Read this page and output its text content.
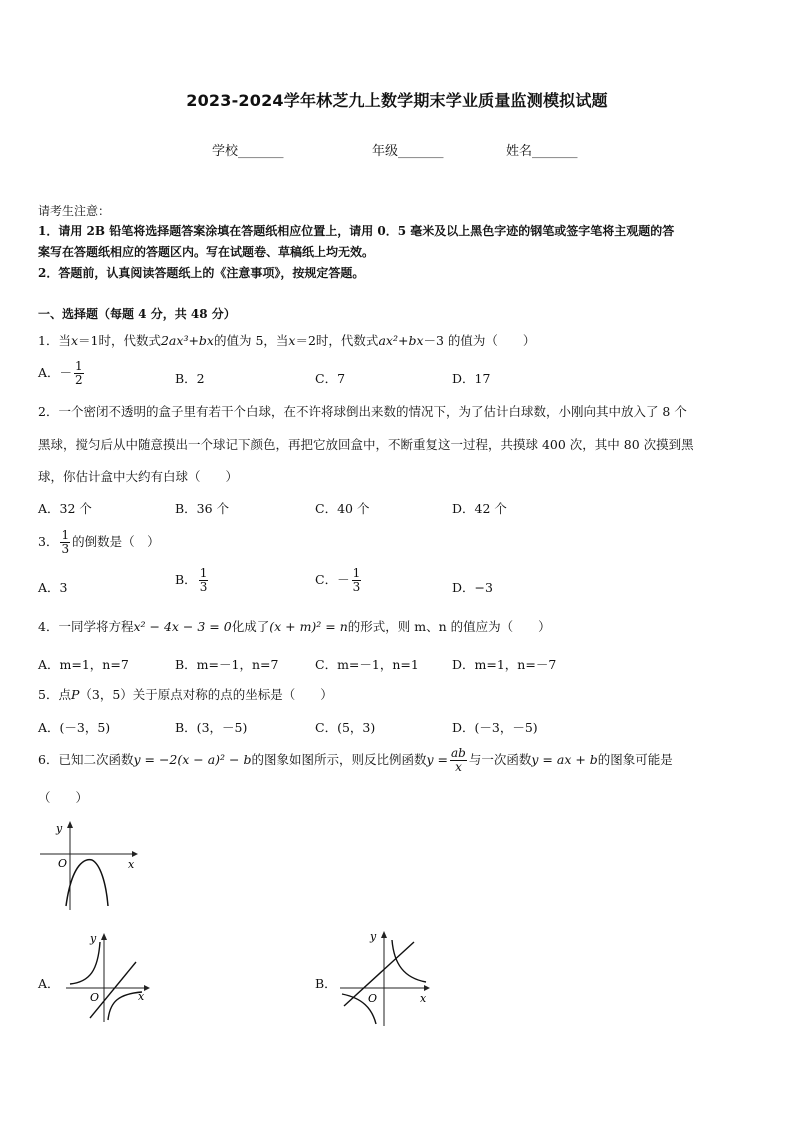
2023-2024学年林芝九上数学期末学业质量监测模拟试题
学校_______	年级_______	姓名_______
请考生注意：
1．请用 2B 铅笔将选择题答案涂填在答题纸相应位置上，请用 0．5 毫米及以上黑色字迹的钢笔或签字笔将主观题的答
案写在答题纸相应的答题区内。写在试题卷、草稿纸上均无效。
2．答题前，认真阅读答题纸上的《注意事项》，按规定答题。
一、选择题（每题 4 分，共 48 分）
1．当x＝1时，代数式2ax³+bx的值为 5，当x＝2时，代数式ax²+bx－3 的值为（　　）
A．－ $\frac{1}{2}$	B．2	C．7	D．17
2．一个密闭不透明的盒子里有若干个白球，在不许将球倒出来数的情况下，为了估计白球数，小刚向其中放入了 8 个
黑球，搅匀后从中随意摸出一个球记下颜色，再把它放回盒中，不断重复这一过程，共摸球 400 次，其中 80 次摸到黑
球，你估计盒中大约有白球（　　）
A．32 个	B．36 个	C．40 个	D．42 个
3． $\frac{1}{3}$ 的倒数是（　）
A．3
B． $\frac{1}{3}$	C．－ $\frac{1}{3}$	D．−3
4．一同学将方程x² − 4x − 3 = 0化成了(x + m)² = n的形式，则 m、n 的值应为（　　）
A．m=1，n=7	B．m=－1，n=7	C．m=－1，n=1	D．m=1，n=－7
5．点P（3，5）关于原点对称的点的坐标是（　　）
A．(－3，5)	B．(3，－5)	C．(5，3)	D．(－3，－5)
6．已知二次函数y = −2(x − a)² − b的图象如图所示，则反比例函数$y = \frac{ab}{x}$ 与一次函数y = ax + b的图象可能是
（　　）
y
x
O
A．
y
x
O
B．
y
x
O
